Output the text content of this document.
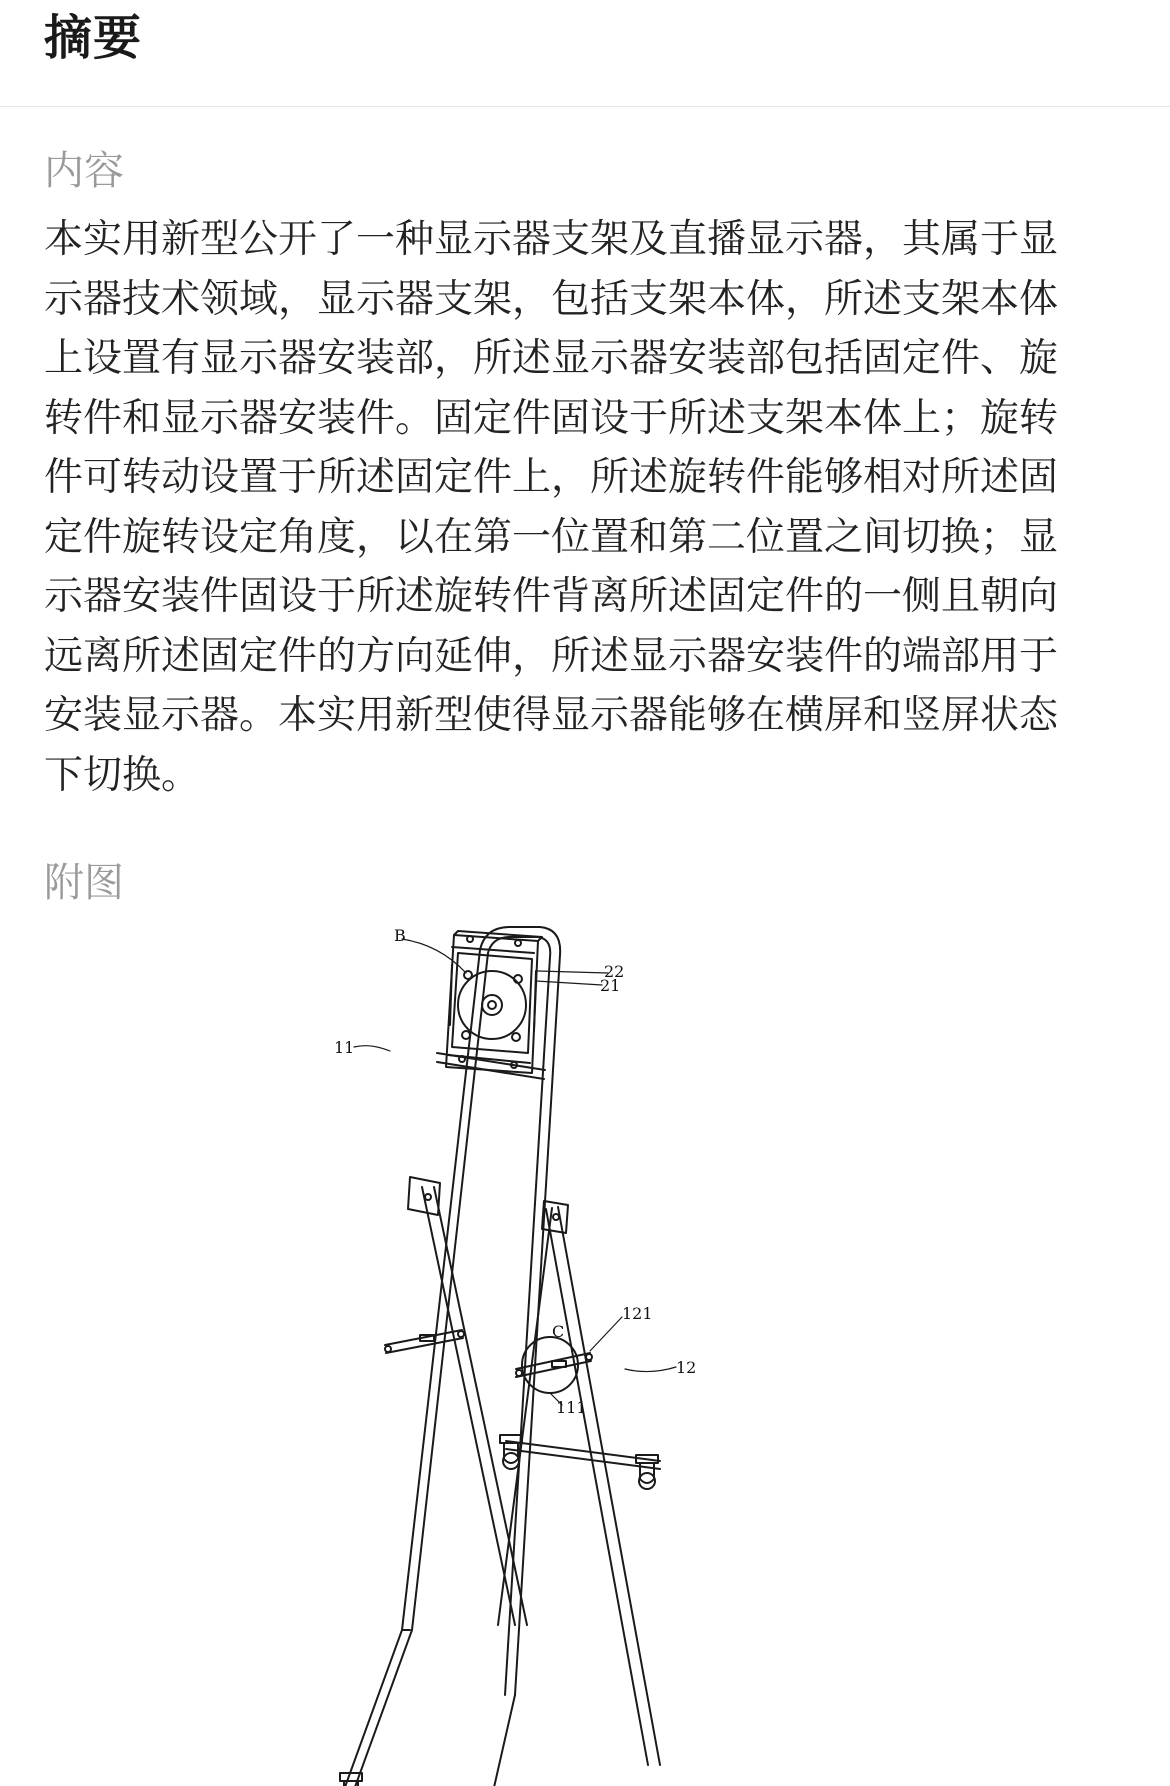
摘要
内容

本实用新型公开了一种显示器支架及直播显示器，其属于显示器技术领域，显示器支架，包括支架本体，所述支架本体上设置有显示器安装部，所述显示器安装部包括固定件、旋转件和显示器安装件。固定件固设于所述支架本体上；旋转件可转动设置于所述固定件上，所述旋转件能够相对所述固定件旋转设定角度，以在第一位置和第二位置之间切换；显示器安装件固设于所述旋转件背离所述固定件的一侧且朝向远离所述固定件的方向延伸，所述显示器安装件的端部用于安装显示器。本实用新型使得显示器能够在横屏和竖屏状态下切换。

附图
B
22
21
11
121
C
12
111
